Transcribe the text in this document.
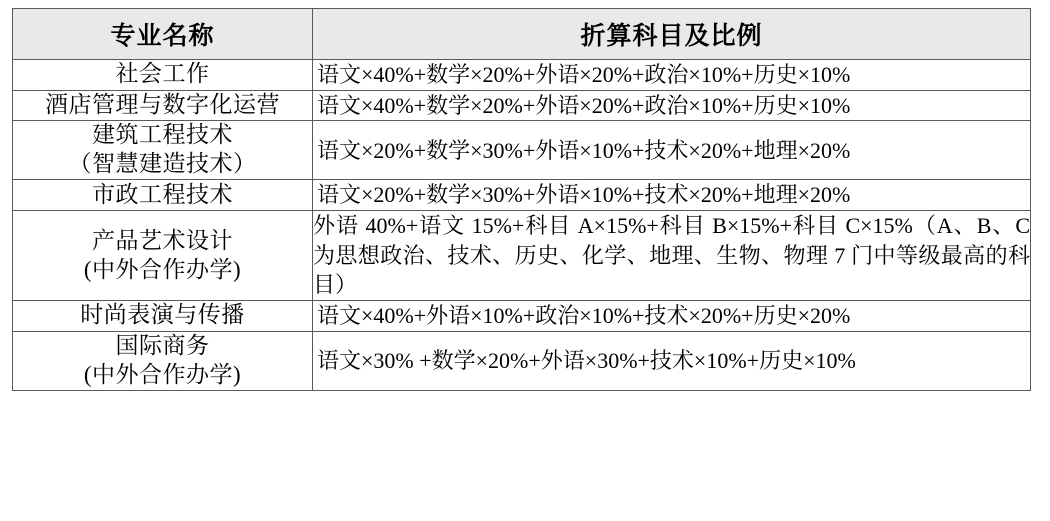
专业名称	折算科目及比例
社会工作	语文×40%+数学×20%+外语×20%+政治×10%+历史×10%

酒店管理与数字化运营	语文×40%+数学×20%+外语×20%+政治×10%+历史×10%

建筑工程技术
（智慧建造技术）	语文×20%+数学×30%+外语×10%+技术×20%+地理×20%

市政工程技术	语文×20%+数学×30%+外语×10%+技术×20%+地理×20%

产品艺术设计
(中外合作办学)	外语 40%+语文 15%+科目 A×15%+科目 B×15%+科目 C×15%（A、B、C 为思想政治、技术、历史、化学、地理、生物、物理 7 门中等级最高的科目）

时尚表演与传播	语文×40%+外语×10%+政治×10%+技术×20%+历史×20%

国际商务
(中外合作办学)	语文×30% +数学×20%+外语×30%+技术×10%+历史×10%
